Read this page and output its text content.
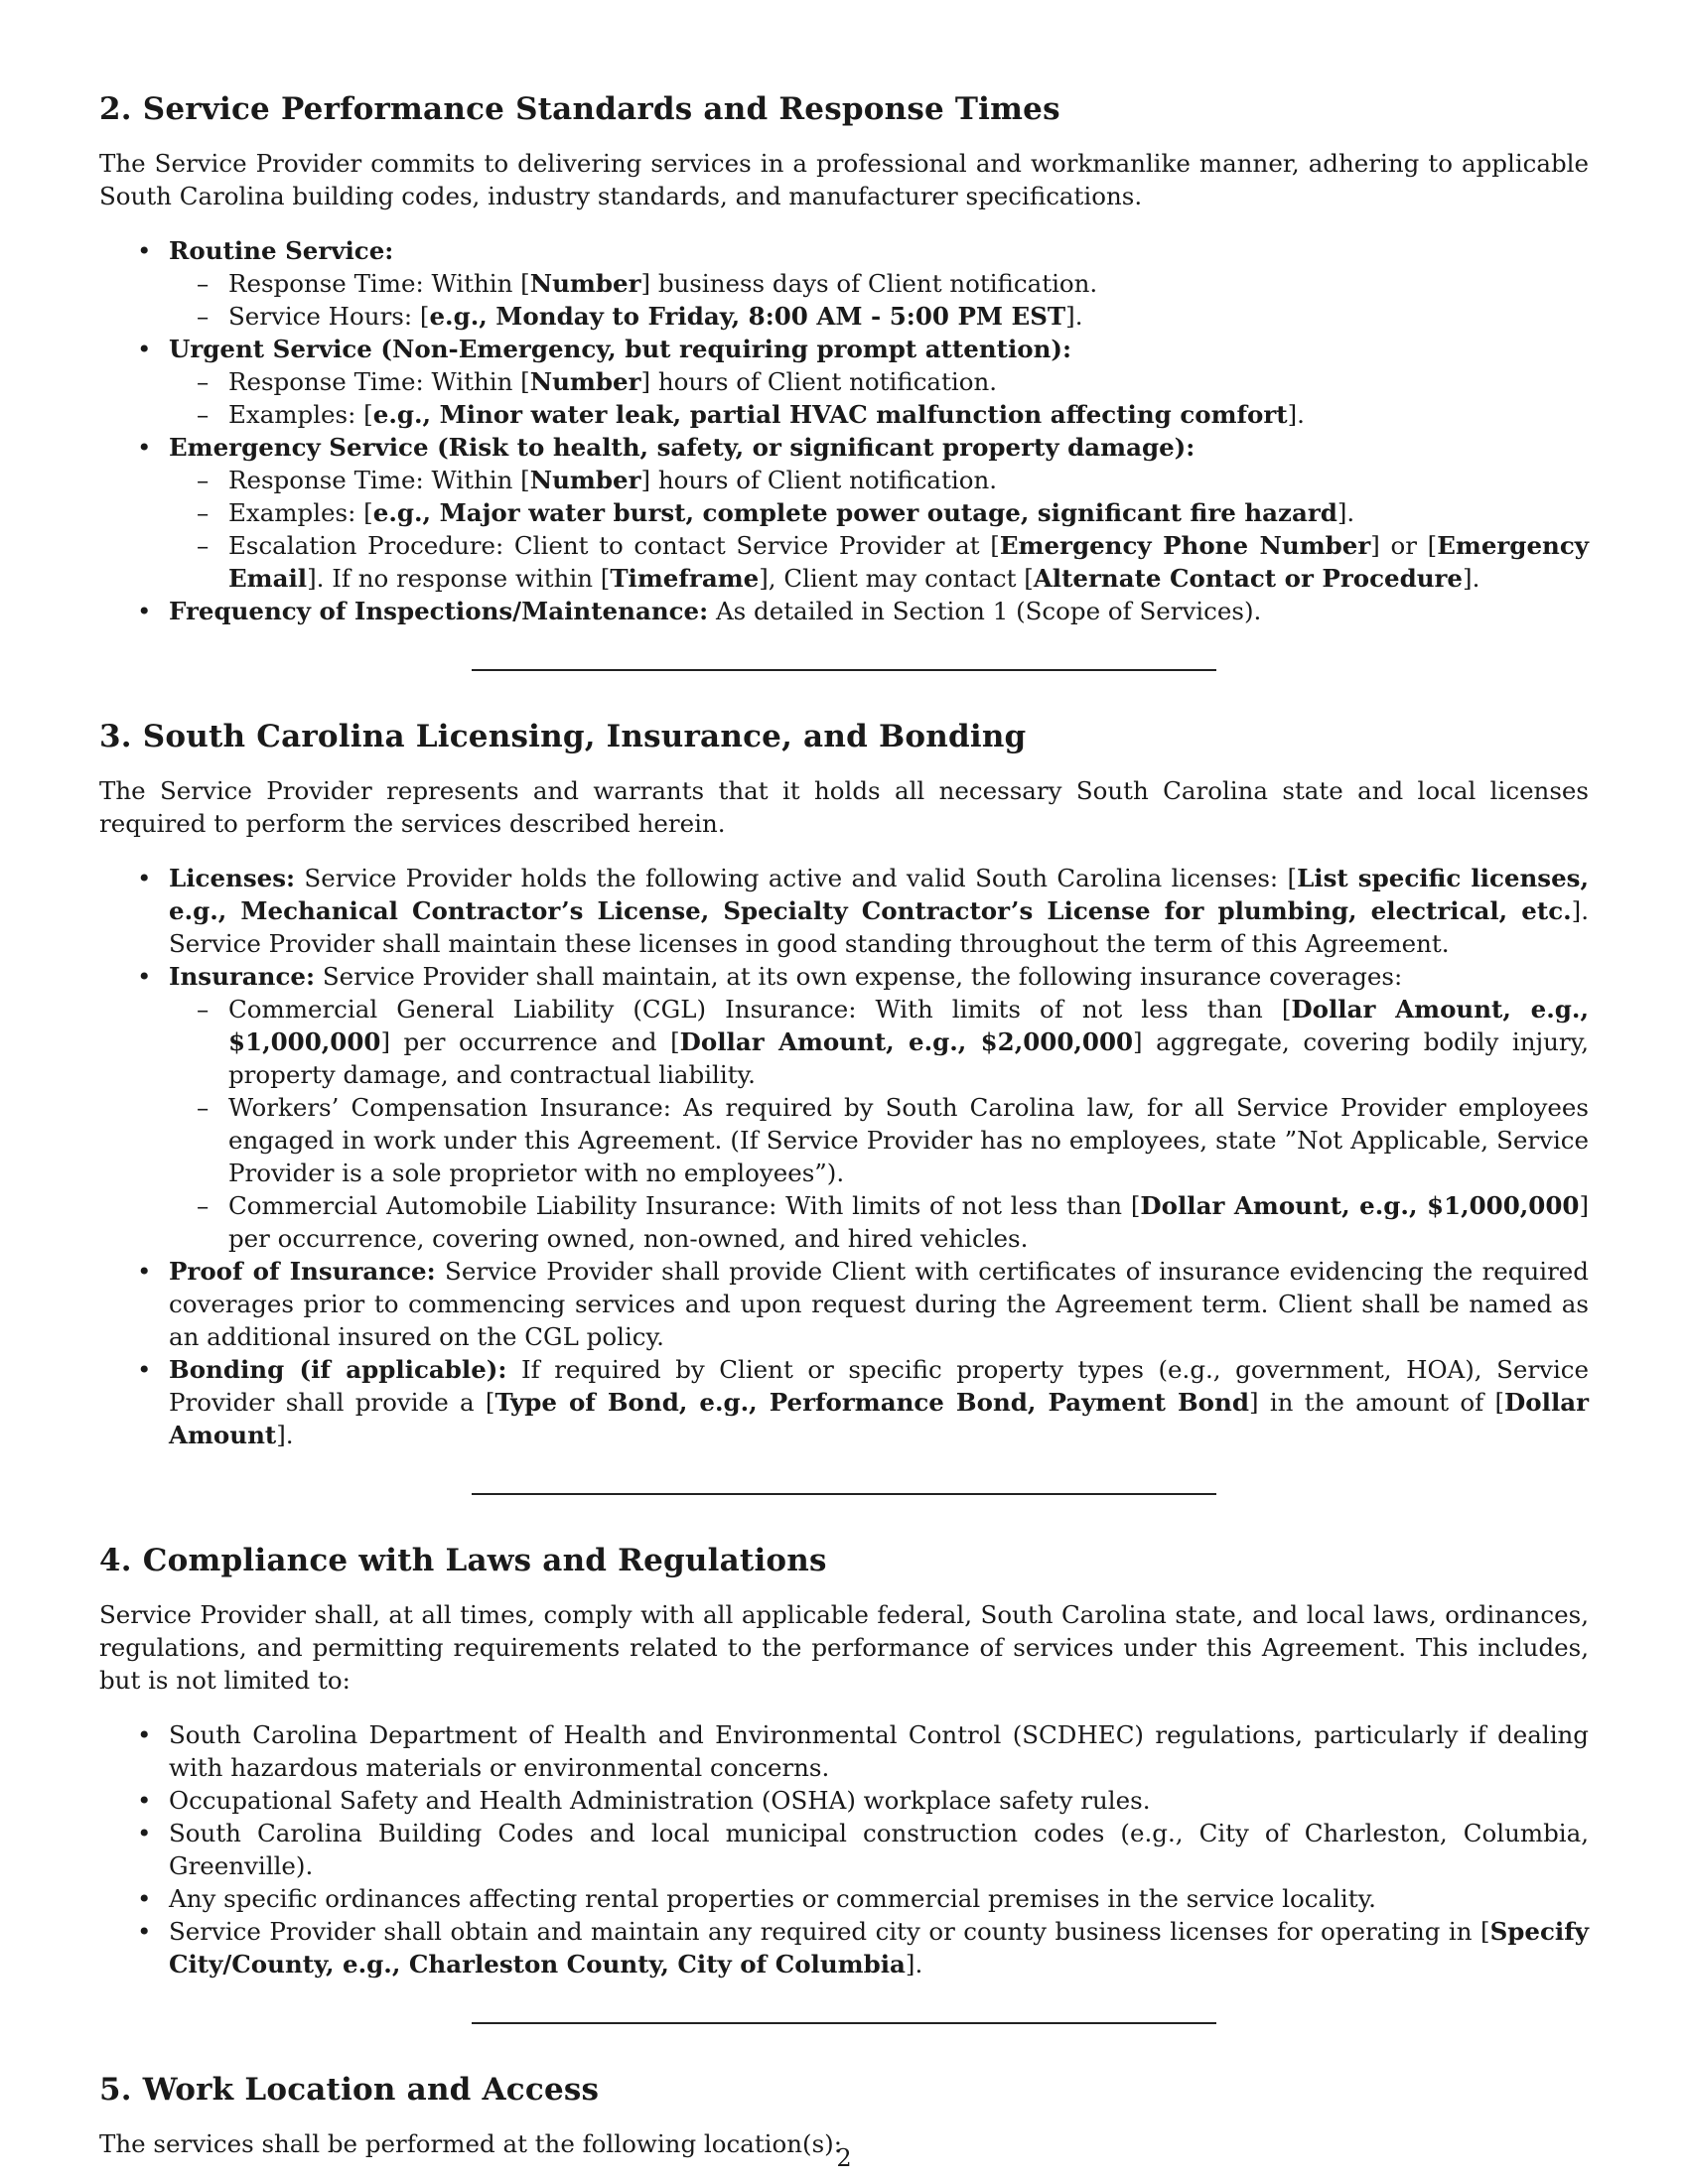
2. Service Performance Standards and Response Times

The Service Provider commits to delivering services in a professional and workmanlike manner, adhering to applicable South Carolina building codes, industry standards, and manufacturer specifications.

• Routine Service:
– Response Time: Within [Number] business days of Client notification.
– Service Hours: [e.g., Monday to Friday, 8:00 AM - 5:00 PM EST].
• Urgent Service (Non-Emergency, but requiring prompt attention):
– Response Time: Within [Number] hours of Client notification.
– Examples: [e.g., Minor water leak, partial HVAC malfunction affecting comfort].
• Emergency Service (Risk to health, safety, or significant property damage):
– Response Time: Within [Number] hours of Client notification.
– Examples: [e.g., Major water burst, complete power outage, significant fire hazard].
– Escalation Procedure: Client to contact Service Provider at [Emergency Phone Number] or [Emergency Email]. If no response within [Timeframe], Client may contact [Alternate Contact or Procedure].
• Frequency of Inspections/Maintenance: As detailed in Section 1 (Scope of Services).
3. South Carolina Licensing, Insurance, and Bonding

The Service Provider represents and warrants that it holds all necessary South Carolina state and local licenses required to perform the services described herein.

• Licenses: Service Provider holds the following active and valid South Carolina licenses: [List specific licenses, e.g., Mechanical Contractor’s License, Specialty Contractor’s License for plumbing, electrical, etc.]. Service Provider shall maintain these licenses in good standing throughout the term of this Agreement.
• Insurance: Service Provider shall maintain, at its own expense, the following insurance coverages:
– Commercial General Liability (CGL) Insurance: With limits of not less than [Dollar Amount, e.g., $1,000,000] per occurrence and [Dollar Amount, e.g., $2,000,000] aggregate, covering bodily injury, property damage, and contractual liability.
– Workers’ Compensation Insurance: As required by South Carolina law, for all Service Provider employees engaged in work under this Agreement. (If Service Provider has no employees, state ”Not Applicable, Service Provider is a sole proprietor with no employees”).
– Commercial Automobile Liability Insurance: With limits of not less than [Dollar Amount, e.g., $1,000,000] per occurrence, covering owned, non-owned, and hired vehicles.
• Proof of Insurance: Service Provider shall provide Client with certificates of insurance evidencing the required coverages prior to commencing services and upon request during the Agreement term. Client shall be named as an additional insured on the CGL policy.
• Bonding (if applicable): If required by Client or specific property types (e.g., government, HOA), Service Provider shall provide a [Type of Bond, e.g., Performance Bond, Payment Bond] in the amount of [Dollar Amount].
4. Compliance with Laws and Regulations

Service Provider shall, at all times, comply with all applicable federal, South Carolina state, and local laws, ordinances, regulations, and permitting requirements related to the performance of services under this Agreement. This includes, but is not limited to:

• South Carolina Department of Health and Environmental Control (SCDHEC) regulations, particularly if dealing with hazardous materials or environmental concerns.
• Occupational Safety and Health Administration (OSHA) workplace safety rules.
• South Carolina Building Codes and local municipal construction codes (e.g., City of Charleston, Columbia, Greenville).
• Any specific ordinances affecting rental properties or commercial premises in the service locality.
• Service Provider shall obtain and maintain any required city or county business licenses for operating in [Specify City/County, e.g., Charleston County, City of Columbia].
5. Work Location and Access

The services shall be performed at the following location(s):

2
